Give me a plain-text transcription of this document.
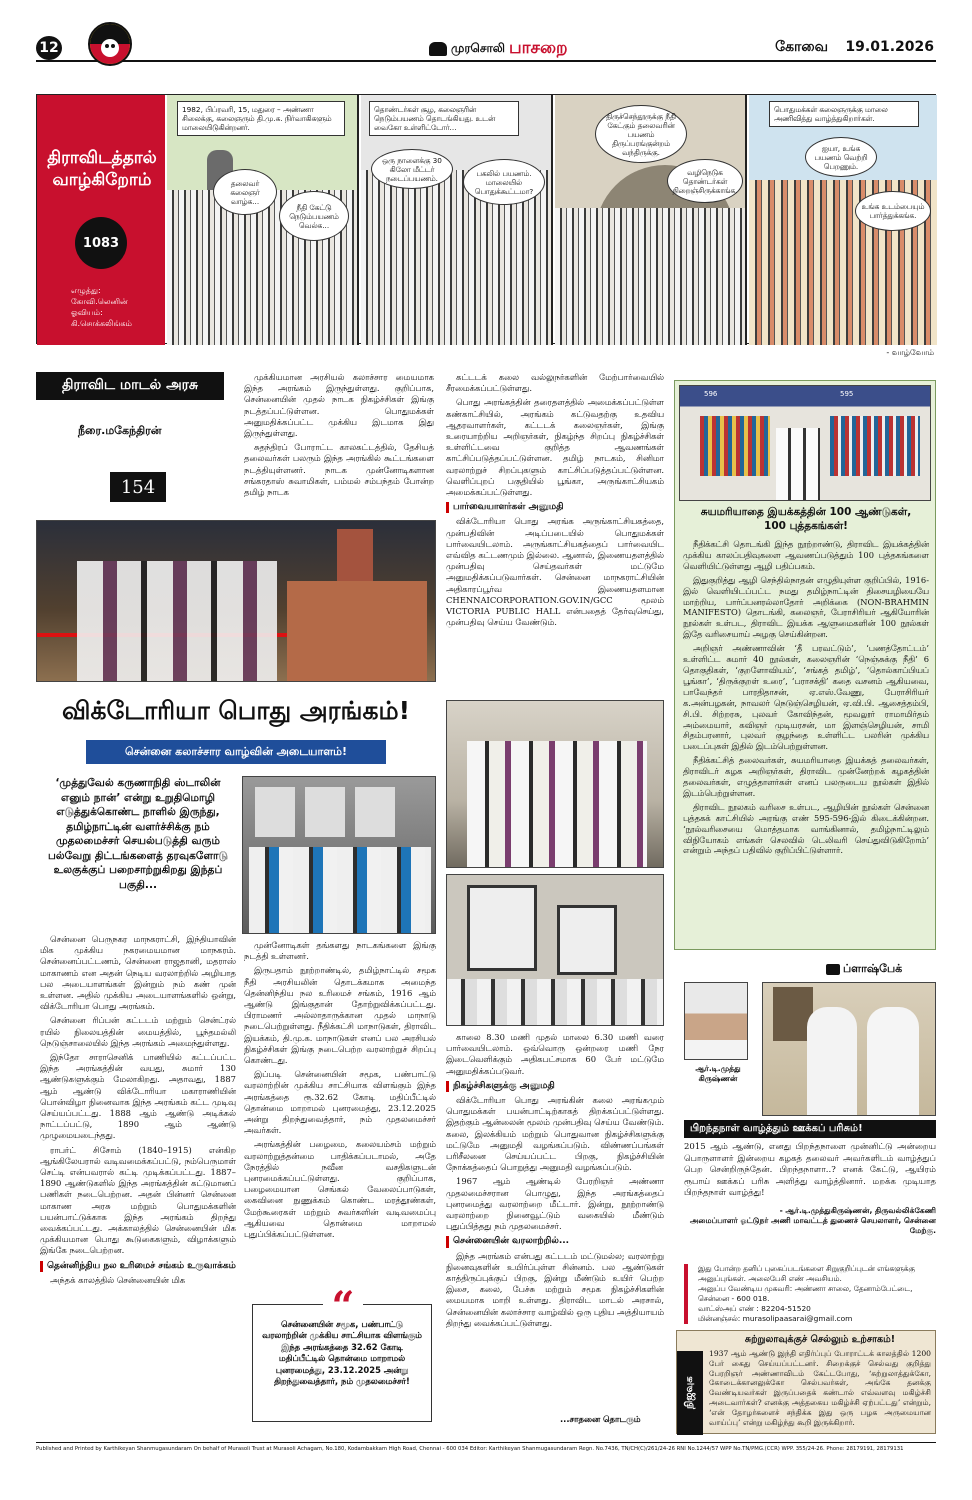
12	முரசொலி பாசறை	கோவை 19.01.2026
திராவிடத்தால் வாழ்கிறோம்
1083
எழுத்து:
கோவி.லெனின்
ஓவியம்:
கி.சொக்கலிங்கம்
1982, பிப்ரவரி, 15, மதுரை – அண்ணா சிலைக்கு, கலைஞரும் தி.மு.க. நிர்வாகிகளும் மாலையிடுகின்றனர்.
தலைவர் கலைஞர் வாழ்க...
நீதி கேட்டு நெடும்பயணம் வெல்க...
தொண்டர்கள் சூழ, கலைஞரின் நெடும்பயணம் தொடங்கியது. உடன் வைகோ உள்ளிட்டோர்...
ஒரு நாளைக்கு 30 கிலோ மீட்டர் நடைப்பயணம்.
பகலில் பயணம். மாலையில் பொதுக்கூட்டமா?
திருச்செந்தூருக்கு நீதி கேட்கும் தலைவரின் பயணம் திருப்பரங்குன்றம் வந்திருக்கு.
வழிநெடுக தொண்டர்கள் நிறைஞ்சிருக்காங்க.
பொதுமக்கள் கலைஞருக்கு மாலை அணிவித்து வாழ்த்துகிறார்கள்.
ஐயா, உங்க பயணம் வெற்றி பெறணும்.
உங்க உடம்பையும் பார்த்துக்கங்க.
- வாழ்வோம்
திராவிட மாடல் அரசு
நீரை.மகேந்திரன்
154

முக்கியமான அரசியல் கலாச்சார மையமாக இந்த அரங்கம் இருந்துள்ளது. குறிப்பாக, சென்னையின் முதல் நாடக நிகழ்ச்சிகள் இங்கு நடத்தப்பட்டுள்ளன. பொதுமக்கள் அனுமதிக்கப்பட்ட முக்கிய இடமாக இது இருந்துள்ளது.

சுதந்திரப் போராட்ட காலகட்டத்தில், தேசியத் தலைவர்கள் பலரும் இந்த அரங்கில் கூட்டங்களை நடத்தியுள்ளனர். நாடக முன்னோடிகளான சங்கரதாஸ் சுவாமிகள், பம்மல் சம்பந்தம் போன்ற தமிழ் நாடக

கட்டடக் கலை வல்லுநர்களின் மேற்பார்வையில் சீரமைக்கப்பட்டுள்ளது.

பொது அரங்கத்தின் தரைதளத்தில் அமைக்கப்பட்டுள்ள கண்காட்சியில், அரங்கம் கட்டுவதற்கு உதவிய ஆதரவாளர்கள், கட்டடக் கலைஞர்கள், இங்கு உரையாற்றிய அறிஞர்கள், நிகழ்ந்த சிறப்பு நிகழ்ச்சிகள் உள்ளிட்டவை குறித்த ஆவணங்கள் காட்சிப்படுத்தப்பட்டுள்ளன. தமிழ் நாடகம், சினிமா வரலாற்றுச் சிறப்புகளும் காட்சிப்படுத்தப்பட்டுள்ளன. வெளிப்புறப் பகுதியில் பூங்கா, அருங்காட்சியகம் அமைக்கப்பட்டுள்ளது.

பார்வையாளர்கள் அனுமதி

விக்டோரியா பொது அரங்க அருங்காட்சியகத்தை, முன்பதிவின் அடிப்படையில் பொதுமக்கள் பார்வையிடலாம். அருங்காட்சியகத்தைப் பார்வையிட எவ்வித கட்டணமும் இல்லை. ஆனால், இணையதளத்தில் முன்பதிவு செய்தவர்கள் மட்டுமே அனுமதிக்கப்படுவார்கள். சென்னை மாநகராட்சியின் அதிகாரப்பூர்வ இணையதளமான CHENNAICORPORATION.GOV.IN/GCC மூலம் VICTORIA PUBLIC HALL என்பதைத் தேர்வுசெய்து, முன்பதிவு செய்ய வேண்டும்.

விக்டோரியா பொது அரங்கம்!
சென்னை கலாச்சார வாழ்வின் அடையாளம்!
‘முத்துவேல் கருணாநிதி ஸ்டாலின் எனும் நான்’ என்று உறுதிமொழி எடுத்துக்கொண்ட நாளில் இருந்து, தமிழ்நாட்டின் வளர்ச்சிக்கு நம் முதலமைச்சர் செயல்படுத்தி வரும் பல்வேறு திட்டங்களைத் தரவுகளோடு உலகுக்குப் பறைசாற்றுகிறது இந்தப் பகுதி...

சென்னை பெருநகர மாநகராட்சி, இந்தியாவின் மிக முக்கிய நகரமையமான மாநகரம். சென்னைப்பட்டணம், சென்னை ராஜதானி, மதராஸ் மாகாணம் என அதன் நெடிய வரலாற்றில் அழியாத பல அடையாளங்கள் இன்றும் நம் கண் முன் உள்ளன. அதில் முக்கிய அடையாளங்களில் ஒன்று, விக்டோரியா பொது அரங்கம்.

சென்னை ரிப்பன் கட்டடம் மற்றும் சென்ட்ரல் ரயில் நிலையத்தின் மையத்தில், பூந்தமல்லி நெடுஞ்சாலையில் இந்த அரங்கம் அமைந்துள்ளது.

இந்தோ சாராசெனிக் பாணியில் கட்டப்பட்ட இந்த அரங்கத்தின் வயது, சுமார் 130 ஆண்டுகளுக்கும் மேலாகிறது. அதாவது, 1887 ஆம் ஆண்டு விக்டோரியா மகாராணியின் பொன்விழா நினைவாக இந்த அரங்கம் கட்ட முடிவு செய்யப்பட்டது. 1888 ஆம் ஆண்டு அடிக்கல் நாட்டப்பட்டு, 1890 ஆம் ஆண்டு முழுமையடைந்தது.

ராபர்ட் சிசோம் (1840–1915) என்கிற ஆங்கிலேயரால் வடிவமைக்கப்பட்டு, நம்பெருமாள் செட்டி என்பவரால் கட்டி முடிக்கப்பட்டது. 1887–1890 ஆண்டுகளில் இந்த அரங்கத்தின் கட்டுமானப் பணிகள் நடைபெற்றன. அதன் பின்னர் சென்னை மாகாண அரசு மற்றும் பொதுமக்களின் பயன்பாட்டுக்காக இந்த அரங்கம் திறந்து வைக்கப்பட்டது. அக்காலத்தில் சென்னையின் மிக முக்கியமான பொது கூடுகைகளும், விழாக்களும் இங்கே நடைபெற்றன.

தென்னிந்திய நல உரிமைச் சங்கம் உருவாக்கம்

அந்தக் காலத்தில் சென்னையின் மிக

முன்னோடிகள் தங்களது நாடகங்களை இங்கு நடத்தி உள்ளனர்.

இருபதாம் நூற்றாண்டில், தமிழ்நாட்டில் சமூக நீதி அரசியலின் தொடக்கமாக அமைந்த தென்னிந்திய நல உரிமைச் சங்கம், 1916 ஆம் ஆண்டு இங்குதான் தோற்றுவிக்கப்பட்டது. பிராமணர் அல்லாதாருக்கான முதல் மாநாடு நடைபெற்றுள்ளது. நீதிக்கட்சி மாநாடுகள், திராவிட இயக்கம், தி.மு.க. மாநாடுகள் எனப் பல அரசியல் நிகழ்ச்சிகள் இங்கு நடைபெற்ற வரலாற்றுச் சிறப்பு கொண்டது.

இப்படி சென்னையின் சமூக, பண்பாட்டு வரலாற்றின் முக்கிய சாட்சியாக விளங்கும் இந்த அரங்கத்தை ரூ.32.62 கோடி மதிப்பீட்டில் தொன்மை மாறாமல் புனரமைத்து, 23.12.2025 அன்று திறந்துவைத்தார், நம் முதலமைச்சர் அவர்கள்.

அரங்கத்தின் பழைமை, கலையம்சம் மற்றும் வரலாற்றுத்தன்மை பாதிக்கப்படாமல், அதே நேரத்தில் நவீன வசதிகளுடன் புனரமைக்கப்பட்டுள்ளது. குறிப்பாக, பழைமையான செங்கல் வேலைப்பாடுகள், கைவினை நுணுக்கம் கொண்ட மரத்தூண்கள், மேற்கூரைகள் மற்றும் சுவர்களின் வடிவமைப்பு ஆகியவை தொன்மை மாறாமல் புதுப்பிக்கப்பட்டுள்ளன.

“
சென்னையின் சமூக, பண்பாட்டு வரலாற்றின் முக்கிய சாட்சியாக விளங்கும் இந்த அரங்கத்தை 32.62 கோடி மதிப்பீட்டில் தொன்மை மாறாமல் புனரமைத்து, 23.12.2025 அன்று திறந்துவைத்தார், நம் முதலமைச்சர்!

காலை 8.30 மணி முதல் மாலை 6.30 மணி வரை பார்வையிடலாம். ஒவ்வொரு ஒன்றரை மணி நேர இடைவெளிக்கும் அதிகபட்சமாக 60 பேர் மட்டுமே அனுமதிக்கப்படுவர்.

நிகழ்ச்சிகளுக்கு அனுமதி

விக்டோரியா பொது அரங்கின் கலை அரங்கமும் பொதுமக்கள் பயன்பாட்டிற்காகத் திறக்கப்பட்டுள்ளது. இதற்கும் ஆன்லைன் மூலம் முன்பதிவு செய்ய வேண்டும். கலை, இலக்கியம் மற்றும் பொதுவான நிகழ்ச்சிகளுக்கு மட்டுமே அனுமதி வழங்கப்படும். விண்ணப்பங்கள் பரிசீலனை செய்யப்பட்ட பிறகு, நிகழ்ச்சியின் நோக்கத்தைப் பொறுத்து அனுமதி வழங்கப்படும்.

1967 ஆம் ஆண்டில் பேரறிஞர் அண்ணா முதலமைச்சரான பொழுது, இந்த அரங்கத்தைப் புனரமைத்து வரலாற்றை மீட்டார். இன்று, நூற்றாண்டு வரலாற்றை நினைவூட்டும் வகையில் மீண்டும் புதுப்பித்தது நம் முதலமைச்சர்.

சென்னையின் வரலாற்றில்...

இந்த அரங்கம் என்பது கட்டடம் மட்டுமல்ல; வரலாற்று நினைவுகளின் உயிர்ப்புள்ள சின்னம். பல ஆண்டுகள் காத்திருப்புக்குப் பிறகு, இன்று மீண்டும் உயிர் பெற்ற இசை, கலை, பேச்சு மற்றும் சமூக நிகழ்ச்சிகளின் மையமாக மாறி உள்ளது. திராவிட மாடல் அரசால், சென்னையின் கலாச்சார வாழ்வில் ஒரு புதிய அத்தியாயம் திறந்து வைக்கப்பட்டுள்ளது.

...சாதனை தொடரும்
596	595
சுயமரியாதை இயக்கத்தின் 100 ஆண்டுகள், 100 புத்தகங்கள்!

நீதிக்கட்சி தொடங்கி இந்த நூற்றாண்டு, திராவிட இயக்கத்தின் முக்கிய காலப்பதிவுகளை ஆவணப்படுத்தும் 100 புத்தகங்களை வெளியிட்டுள்ளது ஆழி பதிப்பகம்.

இதுகுறித்து ஆழி செந்தில்நாதன் எழுதியுள்ள குறிப்பில், 1916-இல் வெளியிடப்பட்ட நமது தமிழ்நாட்டின் திசையழியையே மாற்றிய, பார்ப்பனரல்லாதோர் அறிக்கை (NON-BRAHMIN MANIFESTO) தொடங்கி, கலைஞர், பேராசிரியர் ஆகியோரின் நூல்கள் உள்பட, திராவிட இயக்க ஆளுமைகளின் 100 நூல்கள் இதே வரிசையாய் அழகு செய்கின்றன.

அறிஞர் அண்ணாவின் ‘தீ பரவட்டும்’, ‘பணத்தோட்டம்’ உள்ளிட்ட சுமார் 40 நூல்கள், கலைஞரின் ‘நெஞ்சுக்கு நீதி’ 6 தொகுதிகள், ‘குறளோவியம்’, ‘சங்கத் தமிழ்’, ‘தொல்காப்பியப் பூங்கா’, ‘திருக்குறள் உரை’, ‘பராசக்தி’ கதை வசனம் ஆகியவை, பாவேந்தர் பாரதிதாசன், ஏ.எஸ்.வேணு, பேராசிரியர் க.அன்பழகன், நாவலர் நெடுஞ்செழியன், ஏ.வி.பி. ஆசைத்தம்பி, சி.பி. சிற்றரசு, புலவர் கோவிந்தன், மூவலூர் ராமாமிர்தம் அம்மையார், கவிஞர் முடியரசன், மா இளஞ்செழியன், சாமி சிதம்பரனார், புலவர் குழந்தை உள்ளிட்ட பலரின் முக்கிய படைப்புகள் இதில் இடம்பெற்றுள்ளன.

நீதிக்கட்சித் தலைவர்கள், சுயமரியாதை இயக்கத் தலைவர்கள், திராவிடர் கழக அறிஞர்கள், திராவிட முன்னேற்றக் கழகத்தின் தலைவர்கள், எழுத்தாளர்கள் எனப் பலருடைய நூல்கள் இதில் இடம்பெற்றுள்ளன.

திராவிட நூலகம் வரிசை உள்பட, ஆழியின் நூல்கள் சென்னை புத்தகக் காட்சியில் அரங்கு எண் 595-596-இல் கிடைக்கின்றன. ‘நூல்வரிசையை மொத்தமாக வாங்கினால், தமிழ்நாட்டிலும் விநியோகம் எங்கள் செலவில் டெலிவரி செய்துவிடுகிறோம்’ என்றும் அந்தப் பதிவில் குறிப்பிட்டுள்ளார்.

ப்ளாஷ்பேக்
ஆர்.டி.முத்து கிருஷ்ணன்
பிறந்தநாள் வாழ்த்தும் ஊக்கப் பரிசும்!
2015 ஆம் ஆண்டு, எனது பிறந்தநாளை முன்னிட்டு அன்றைய பொருளாளர் இன்றைய கழகத் தலைவர் அவர்களிடம் வாழ்த்துப் பெற சென்றிருந்தேன். பிறந்தநாளா..? எனக் கேட்டு, ஆயிரம் ரூபாய் ஊக்கப் பரிசு அளித்து வாழ்த்தினார். மறக்க முடியாத பிறந்தநாள் வாழ்த்து!
- ஆர்.டி.முத்துகிருஷ்ணன், திருவல்லிக்கேணி
அமைப்பாளர் ஓட்டுநர் அணி மாவட்டத் துணைச் செயலாளர், சென்னை மேற்கு.
இது போன்ற தனிப் புகைப்படங்களை சிறுகுறிப்புடன் எங்களுக்கு அனுப்புங்கள். அலைபேசி எண் அவசியம்.
அனுப்ப வேண்டிய முகவரி: அண்ணா சாலை, தேனாம்பேட்டை, சென்னை - 600 018.
வாட்ஸ்அப் எண் : 82204-51520
மின்னஞ்சல்: murasolipaasarai@gmail.com
நிஜவுக
சுற்றுலாவுக்குச் செல்லும் உற்சாகம்!
1937 ஆம் ஆண்டு இந்தி எதிர்ப்புப் போராட்டக் காலத்தில் 1200 பேர் கைது செய்யப்பட்டனர். சிறைக்குச் செல்வது குறித்து பேரறிஞர் அண்ணாவிடம் கேட்டபோது, ‘சுற்றுலாத்துக்கோ, கோடைக்கானலுக்கோ செல்பவர்கள், அங்கே தனக்கு வேண்டியவர்கள் இருப்பதைக் கண்டால் எவ்வளவு மகிழ்ச்சி அடைவார்கள்? எனக்கு அத்தகைய மகிழ்ச்சி ஏற்பட்டது’ என்றும், ‘என் தோழர்களைச் சந்திக்க இது ஒரு பழக அருமையான வாய்ப்பு’ என்று மகிழ்ந்து கூறி இருக்கிறார்.
Published and Printed by Karthikeyan Shanmugasundaram On behalf of Murasoli Trust at Murasoli Achagam, No.180, Kodambakkam High Road, Chennai - 600 034 Editor: Karthikeyan Shanmugasundaram Regn. No.7436, TN/CH(C)/261/24-26 RNI No.1244/57 WPP No.TN/PMG.(CCR) WPP. 355/24-26. Phone: 28179191, 28179131
